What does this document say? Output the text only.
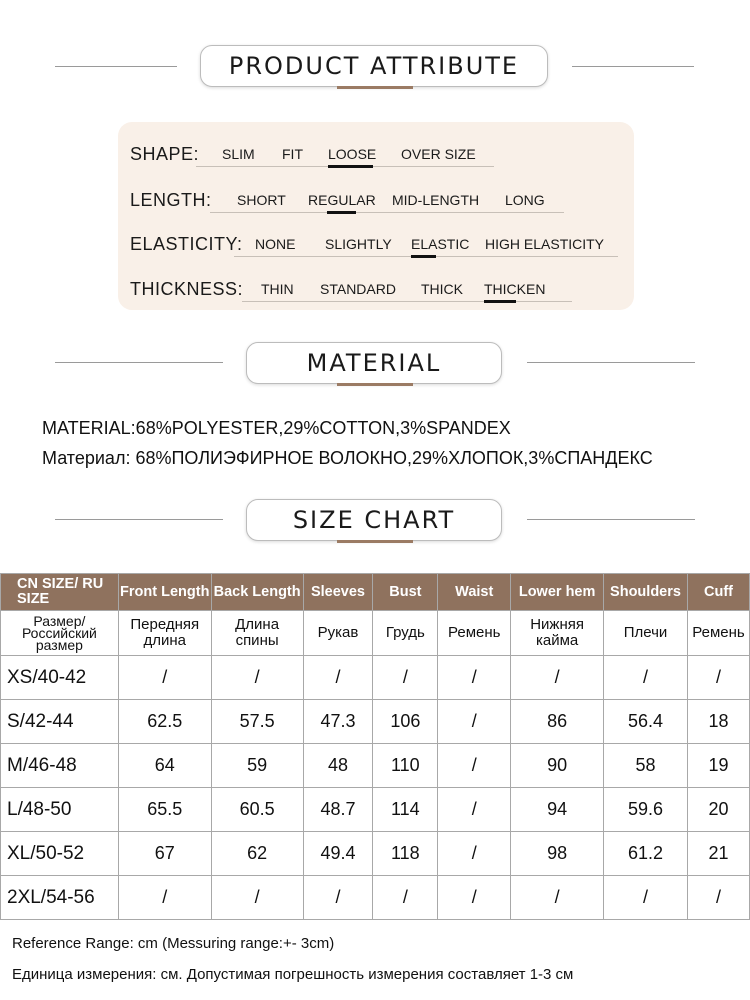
PRODUCT ATTRIBUTE
SHAPE: SLIM FIT LOOSE OVER SIZE
LENGTH: SHORT REGULAR MID-LENGTH LONG
ELASTICITY: NONE SLIGHTLY ELASTIC HIGH ELASTICITY
THICKNESS: THIN STANDARD THICK THICKEN
MATERIAL
MATERIAL:68%POLYESTER,29%COTTON,3%SPANDEX
Материал: 68%ПОЛИЭФИРНОЕ ВОЛОКНО,29%ХЛОПОК,3%СПАНДЕКС
SIZE CHART
CN SIZE/ RU SIZE	Front Length	Back Length	Sleeves	Bust	Waist	Lower hem	Shoulders	Cuff
Размер/ Российский размер	Передняя длина	Длина спины	Рукав	Грудь	Ремень	Нижняя кайма	Плечи	Ремень
XS/40-42	/	/	/	/	/	/	/	/
S/42-44	62.5	57.5	47.3	106	/	86	56.4	18
M/46-48	64	59	48	110	/	90	58	19
L/48-50	65.5	60.5	48.7	114	/	94	59.6	20
XL/50-52	67	62	49.4	118	/	98	61.2	21
2XL/54-56	/	/	/	/	/	/	/	/
Reference Range: cm (Messuring range:+- 3cm)
Единица измерения: см. Допустимая погрешность измерения составляет 1-3 см
